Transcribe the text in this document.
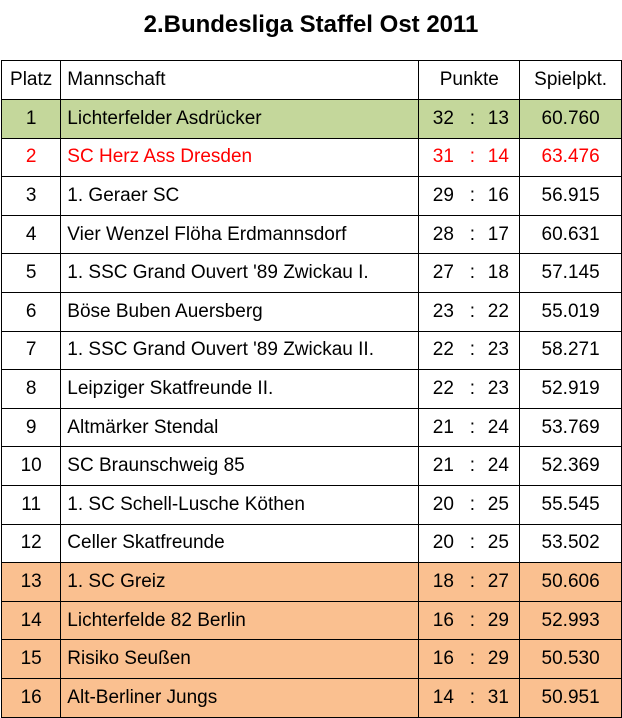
2.Bundesliga Staffel Ost 2011
Platz	Mannschaft	Punkte	Spielpkt.
1	Lichterfelder Asdrücker	32 : 13	60.760
2	SC Herz Ass Dresden	31 : 14	63.476
3	1. Geraer SC	29 : 16	56.915
4	Vier Wenzel Flöha Erdmannsdorf	28 : 17	60.631
5	1. SSC Grand Ouvert '89 Zwickau I.	27 : 18	57.145
6	Böse Buben Auersberg	23 : 22	55.019
7	1. SSC Grand Ouvert '89 Zwickau II.	22 : 23	58.271
8	Leipziger Skatfreunde II.	22 : 23	52.919
9	Altmärker Stendal	21 : 24	53.769
10	SC Braunschweig 85	21 : 24	52.369
11	1. SC Schell-Lusche Köthen	20 : 25	55.545
12	Celler Skatfreunde	20 : 25	53.502
13	1. SC Greiz	18 : 27	50.606
14	Lichterfelde 82 Berlin	16 : 29	52.993
15	Risiko Seußen	16 : 29	50.530
16	Alt-Berliner Jungs	14 : 31	50.951
